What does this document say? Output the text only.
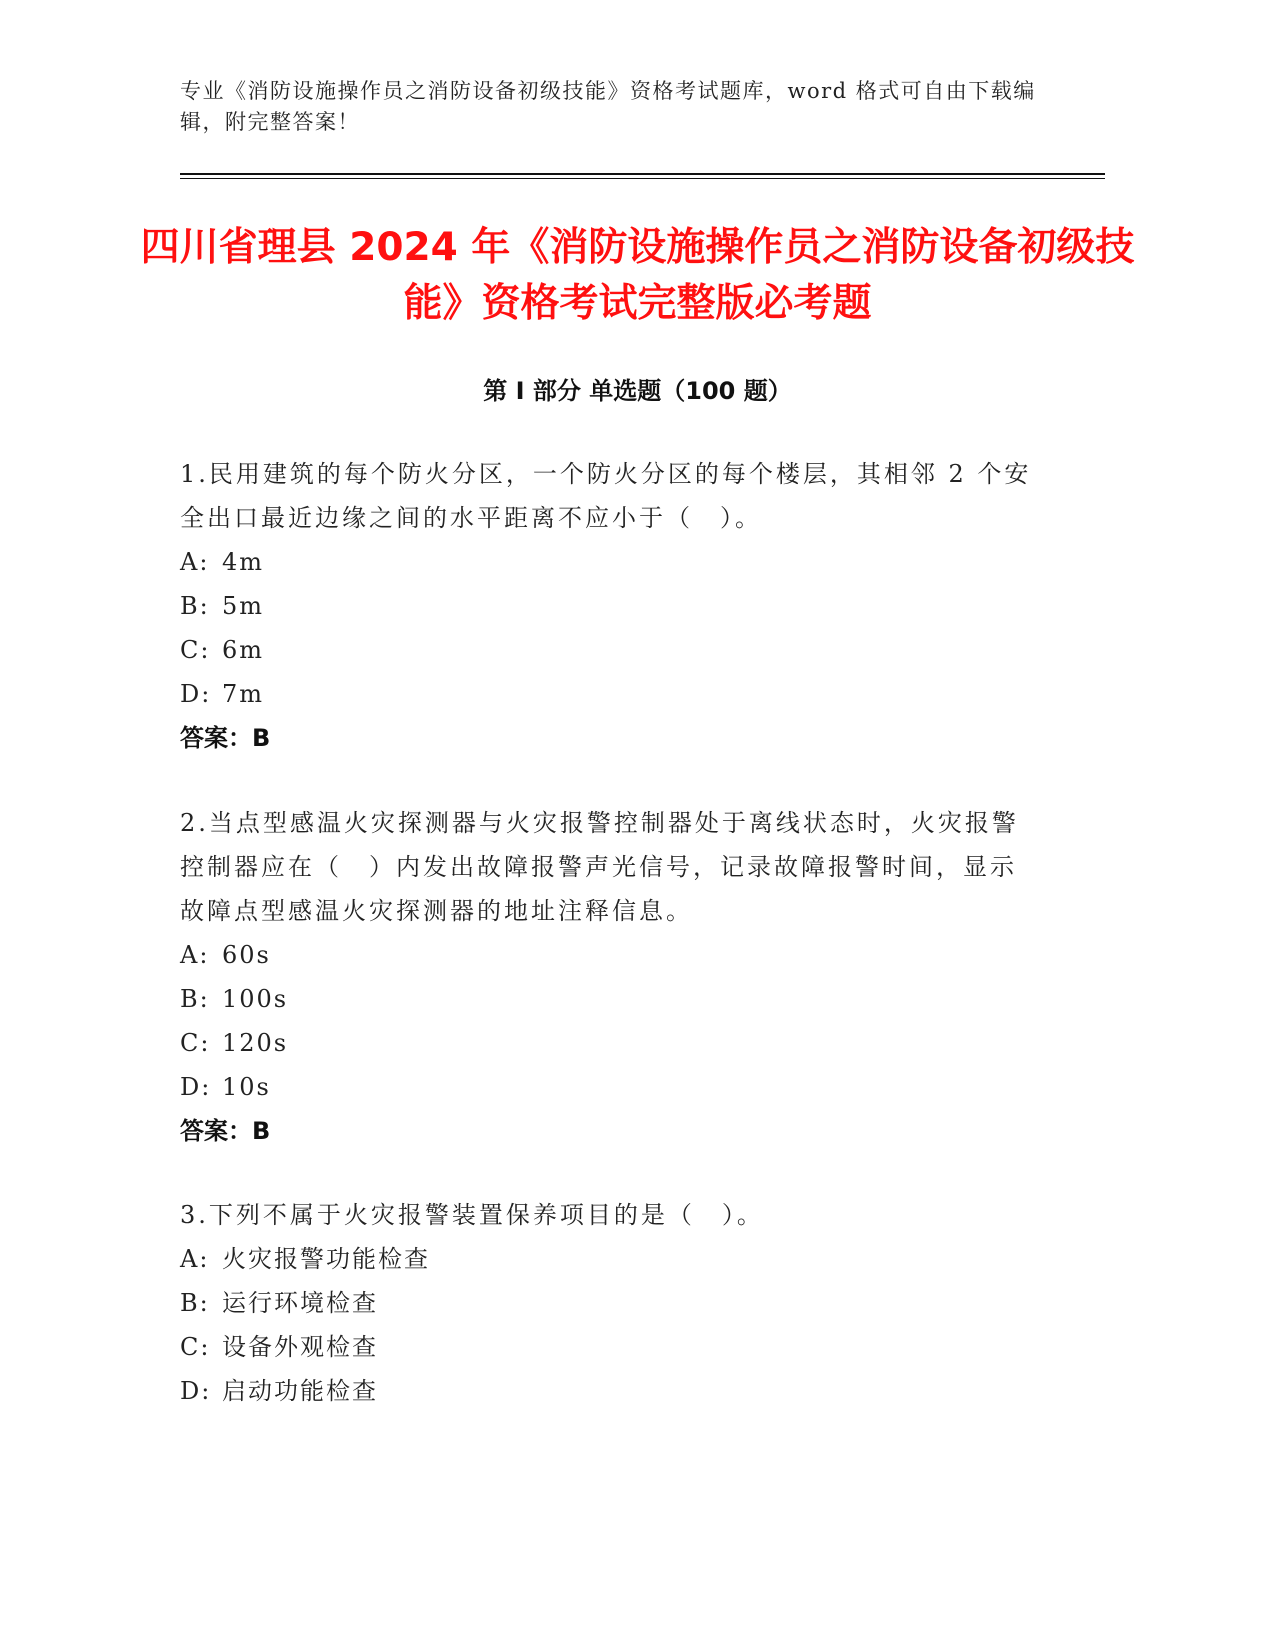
专业《消防设施操作员之消防设备初级技能》资格考试题库，word 格式可自由下载编辑，附完整答案！
四川省理县 2024 年《消防设施操作员之消防设备初级技能》资格考试完整版必考题
第 I 部分 单选题（100 题）
1.民用建筑的每个防火分区，一个防火分区的每个楼层，其相邻 2 个安全出口最近边缘之间的水平距离不应小于（　）。
A: 4m
B: 5m
C: 6m
D: 7m
答案：B
2.当点型感温火灾探测器与火灾报警控制器处于离线状态时，火灾报警控制器应在（　）内发出故障报警声光信号，记录故障报警时间，显示故障点型感温火灾探测器的地址注释信息。
A: 60s
B: 100s
C: 120s
D: 10s
答案：B
3.下列不属于火灾报警装置保养项目的是（　）。
A: 火灾报警功能检查
B: 运行环境检查
C: 设备外观检查
D: 启动功能检查
